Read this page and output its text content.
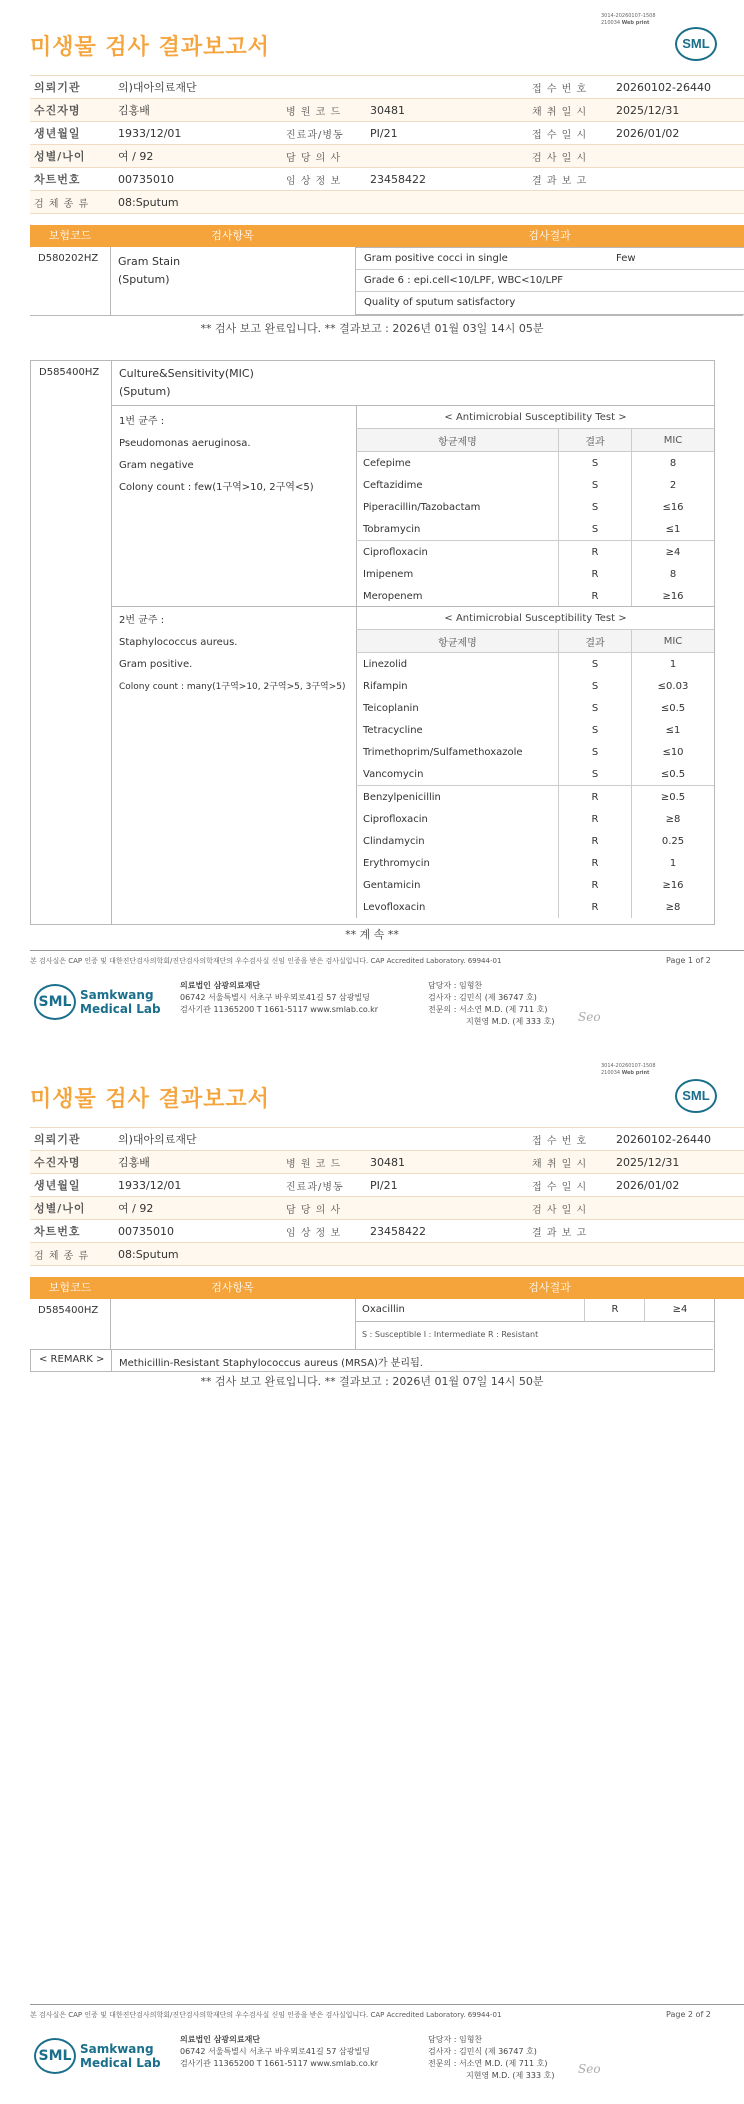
3014-20260107-1508
210034 Web print
미생물 검사 결과보고서	SML
의뢰기관	의)대아의료재단				접 수 번 호	20260102-26440
수진자명	김홍배	병 원 코 드	30481		채 취 일 시	2025/12/31
생년월일	1933/12/01	진료과/병동	PI/21		접 수 일 시	2026/01/02
성별/나이	여 / 92	담 당 의 사			검 사 일 시	
차트번호	00735010	임 상 정 보	23458422		결 과 보 고	
검 체 종 류	08:Sputum					
보험코드	검사항목	검사결과
D580202HZ Gram Stain
(Sputum)
Gram positive cocci in single	Few
Grade 6 : epi.cell<10/LPF, WBC<10/LPF
Quality of sputum satisfactory
** 검사 보고 완료입니다. ** 결과보고 : 2026년 01월 03일 14시 05분
D585400HZ Culture&Sensitivity(MIC)
(Sputum)
1번 균주 :
Pseudomonas aeruginosa.
Gram negative
Colony count : few(1구역>10, 2구역<5)
< Antimicrobial Susceptibility Test >		
항균제명	결과	MIC
Cefepime	S	8
Ceftazidime	S	2
Piperacillin/Tazobactam	S	≤16
Tobramycin	S	≤1
Ciprofloxacin	R	≥4
Imipenem	R	8
Meropenem	R	≥16
2번 균주 :
Staphylococcus aureus.
Gram positive.
Colony count : many(1구역>10, 2구역>5, 3구역>5)
< Antimicrobial Susceptibility Test >		
항균제명	결과	MIC
Linezolid	S	1
Rifampin	S	≤0.03
Teicoplanin	S	≤0.5
Tetracycline	S	≤1
Trimethoprim/Sulfamethoxazole	S	≤10
Vancomycin	S	≤0.5
Benzylpenicillin	R	≥0.5
Ciprofloxacin	R	≥8
Clindamycin	R	0.25
Erythromycin	R	1
Gentamicin	R	≥16
Levofloxacin	R	≥8
** 계 속 **
본 검사실은 CAP 인증 및 대한진단검사의학회/진단검사의학재단의 우수검사실 신임 인증을 받은 검사실입니다. CAP Accredited Laboratory. 69944-01	Page 1 of 2
SML Samkwang
Medical Lab
의료법인 삼광의료재단
06742 서울특별시 서초구 바우뫼로41길 57 삼광빌딩
검사기관 11365200 T 1661-5117 www.smlab.co.kr
담당자 : 임형찬
검사자 : 김민식 (제 36747 호)
전문의 : 서소연 M.D. (제 711 호)
지현영 M.D. (제 333 호) Seo
3014-20260107-1508
210034 Web print
미생물 검사 결과보고서	SML
의뢰기관	의)대아의료재단				접 수 번 호	20260102-26440
수진자명	김홍배	병 원 코 드	30481		채 취 일 시	2025/12/31
생년월일	1933/12/01	진료과/병동	PI/21		접 수 일 시	2026/01/02
성별/나이	여 / 92	담 당 의 사			검 사 일 시	
차트번호	00735010	임 상 정 보	23458422		결 과 보 고	
검 체 종 류	08:Sputum					
보험코드	검사항목	검사결과
D585400HZ	Oxacillin	R	≥4
S : Susceptible I : Intermediate R : Resistant
< REMARK > Methicillin-Resistant Staphylococcus aureus (MRSA)가 분리됨.
** 검사 보고 완료입니다. ** 결과보고 : 2026년 01월 07일 14시 50분
본 검사실은 CAP 인증 및 대한진단검사의학회/진단검사의학재단의 우수검사실 신임 인증을 받은 검사실입니다. CAP Accredited Laboratory. 69944-01	Page 2 of 2
SML Samkwang
Medical Lab
의료법인 삼광의료재단
06742 서울특별시 서초구 바우뫼로41길 57 삼광빌딩
검사기관 11365200 T 1661-5117 www.smlab.co.kr
담당자 : 임형찬
검사자 : 김민식 (제 36747 호)
전문의 : 서소연 M.D. (제 711 호)
지현영 M.D. (제 333 호) Seo
